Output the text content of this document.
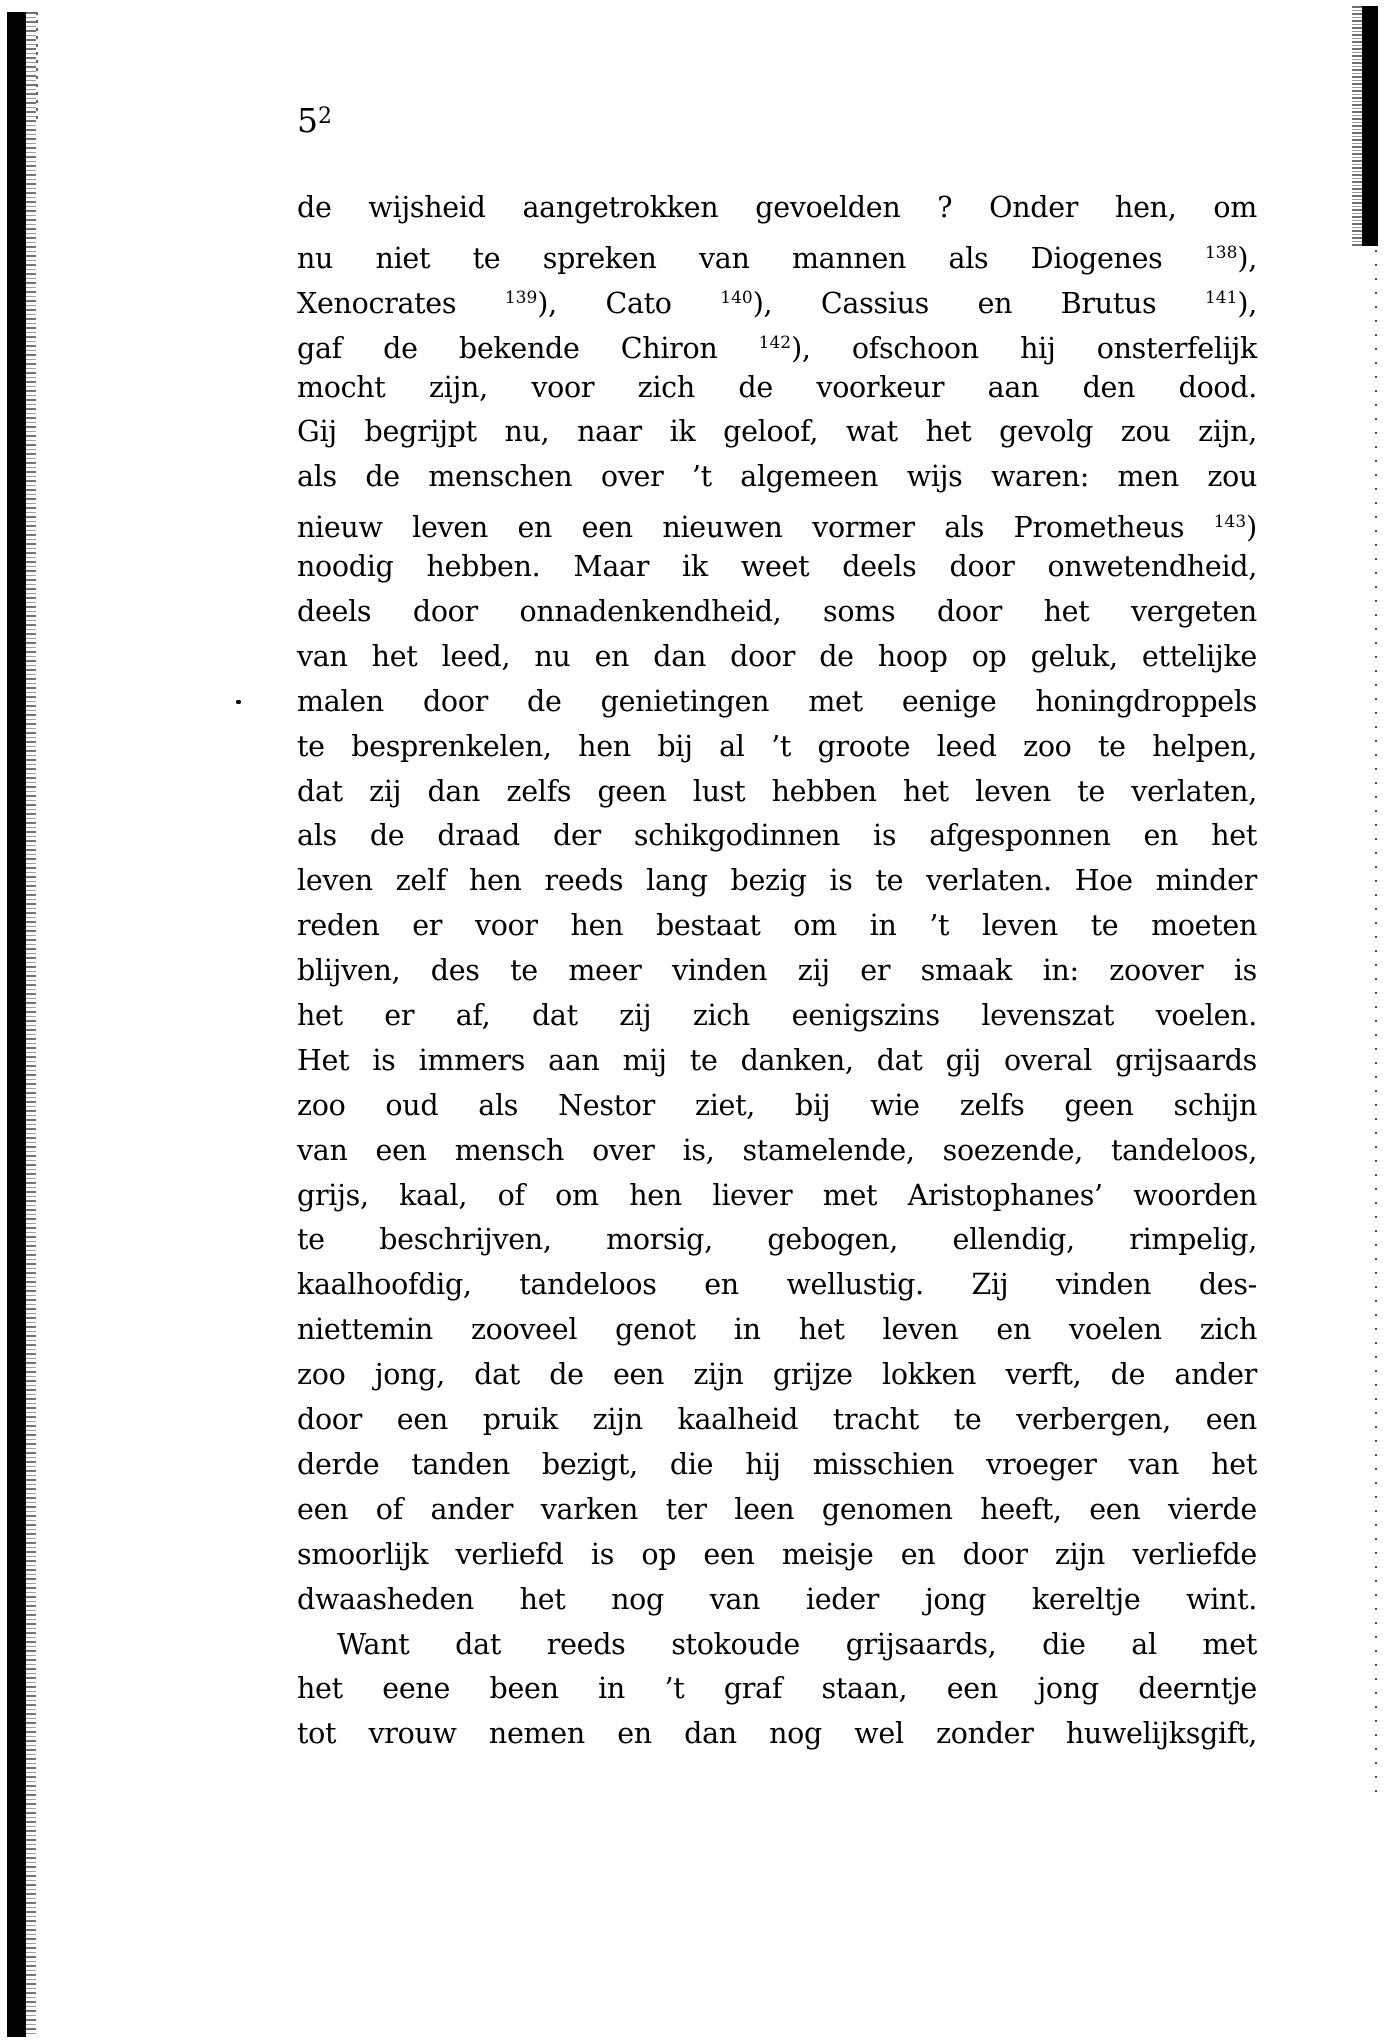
$5^2$
de wijsheid aangetrokken gevoelden ? Onder hen, om
nu niet te spreken van mannen als Diogenes $^{138}$),
Xenocrates $^{139}$), Cato $^{140}$), Cassius en Brutus $^{141}$),
gaf de bekende Chiron $^{142}$), ofschoon hij onsterfelijk
mocht zijn, voor zich de voorkeur aan den dood.
Gij begrijpt nu, naar ik geloof, wat het gevolg zou zijn,
als de menschen over ’t algemeen wijs waren: men zou
nieuw leven en een nieuwen vormer als Prometheus $^{143}$)
noodig hebben. Maar ik weet deels door onwetendheid,
deels door onnadenkendheid, soms door het vergeten
van het leed, nu en dan door de hoop op geluk, ettelijke
malen door de genietingen met eenige honingdroppels
te besprenkelen, hen bij al ’t groote leed zoo te helpen,
dat zij dan zelfs geen lust hebben het leven te verlaten,
als de draad der schikgodinnen is afgesponnen en het
leven zelf hen reeds lang bezig is te verlaten. Hoe minder
reden er voor hen bestaat om in ’t leven te moeten
blijven, des te meer vinden zij er smaak in: zoover is
het er af, dat zij zich eenigszins levenszat voelen.
Het is immers aan mij te danken, dat gij overal grijsaards
zoo oud als Nestor ziet, bij wie zelfs geen schijn
van een mensch over is, stamelende, soezende, tandeloos,
grijs, kaal, of om hen liever met Aristophanes’ woorden
te beschrijven, morsig, gebogen, ellendig, rimpelig,
kaalhoofdig, tandeloos en wellustig. Zij vinden des-
niettemin zooveel genot in het leven en voelen zich
zoo jong, dat de een zijn grijze lokken verft, de ander
door een pruik zijn kaalheid tracht te verbergen, een
derde tanden bezigt, die hij misschien vroeger van het
een of ander varken ter leen genomen heeft, een vierde
smoorlijk verliefd is op een meisje en door zijn verliefde
dwaasheden het nog van ieder jong kereltje wint.
Want dat reeds stokoude grijsaards, die al met
het eene been in ’t graf staan, een jong deerntje
tot vrouw nemen en dan nog wel zonder huwelijksgift,
